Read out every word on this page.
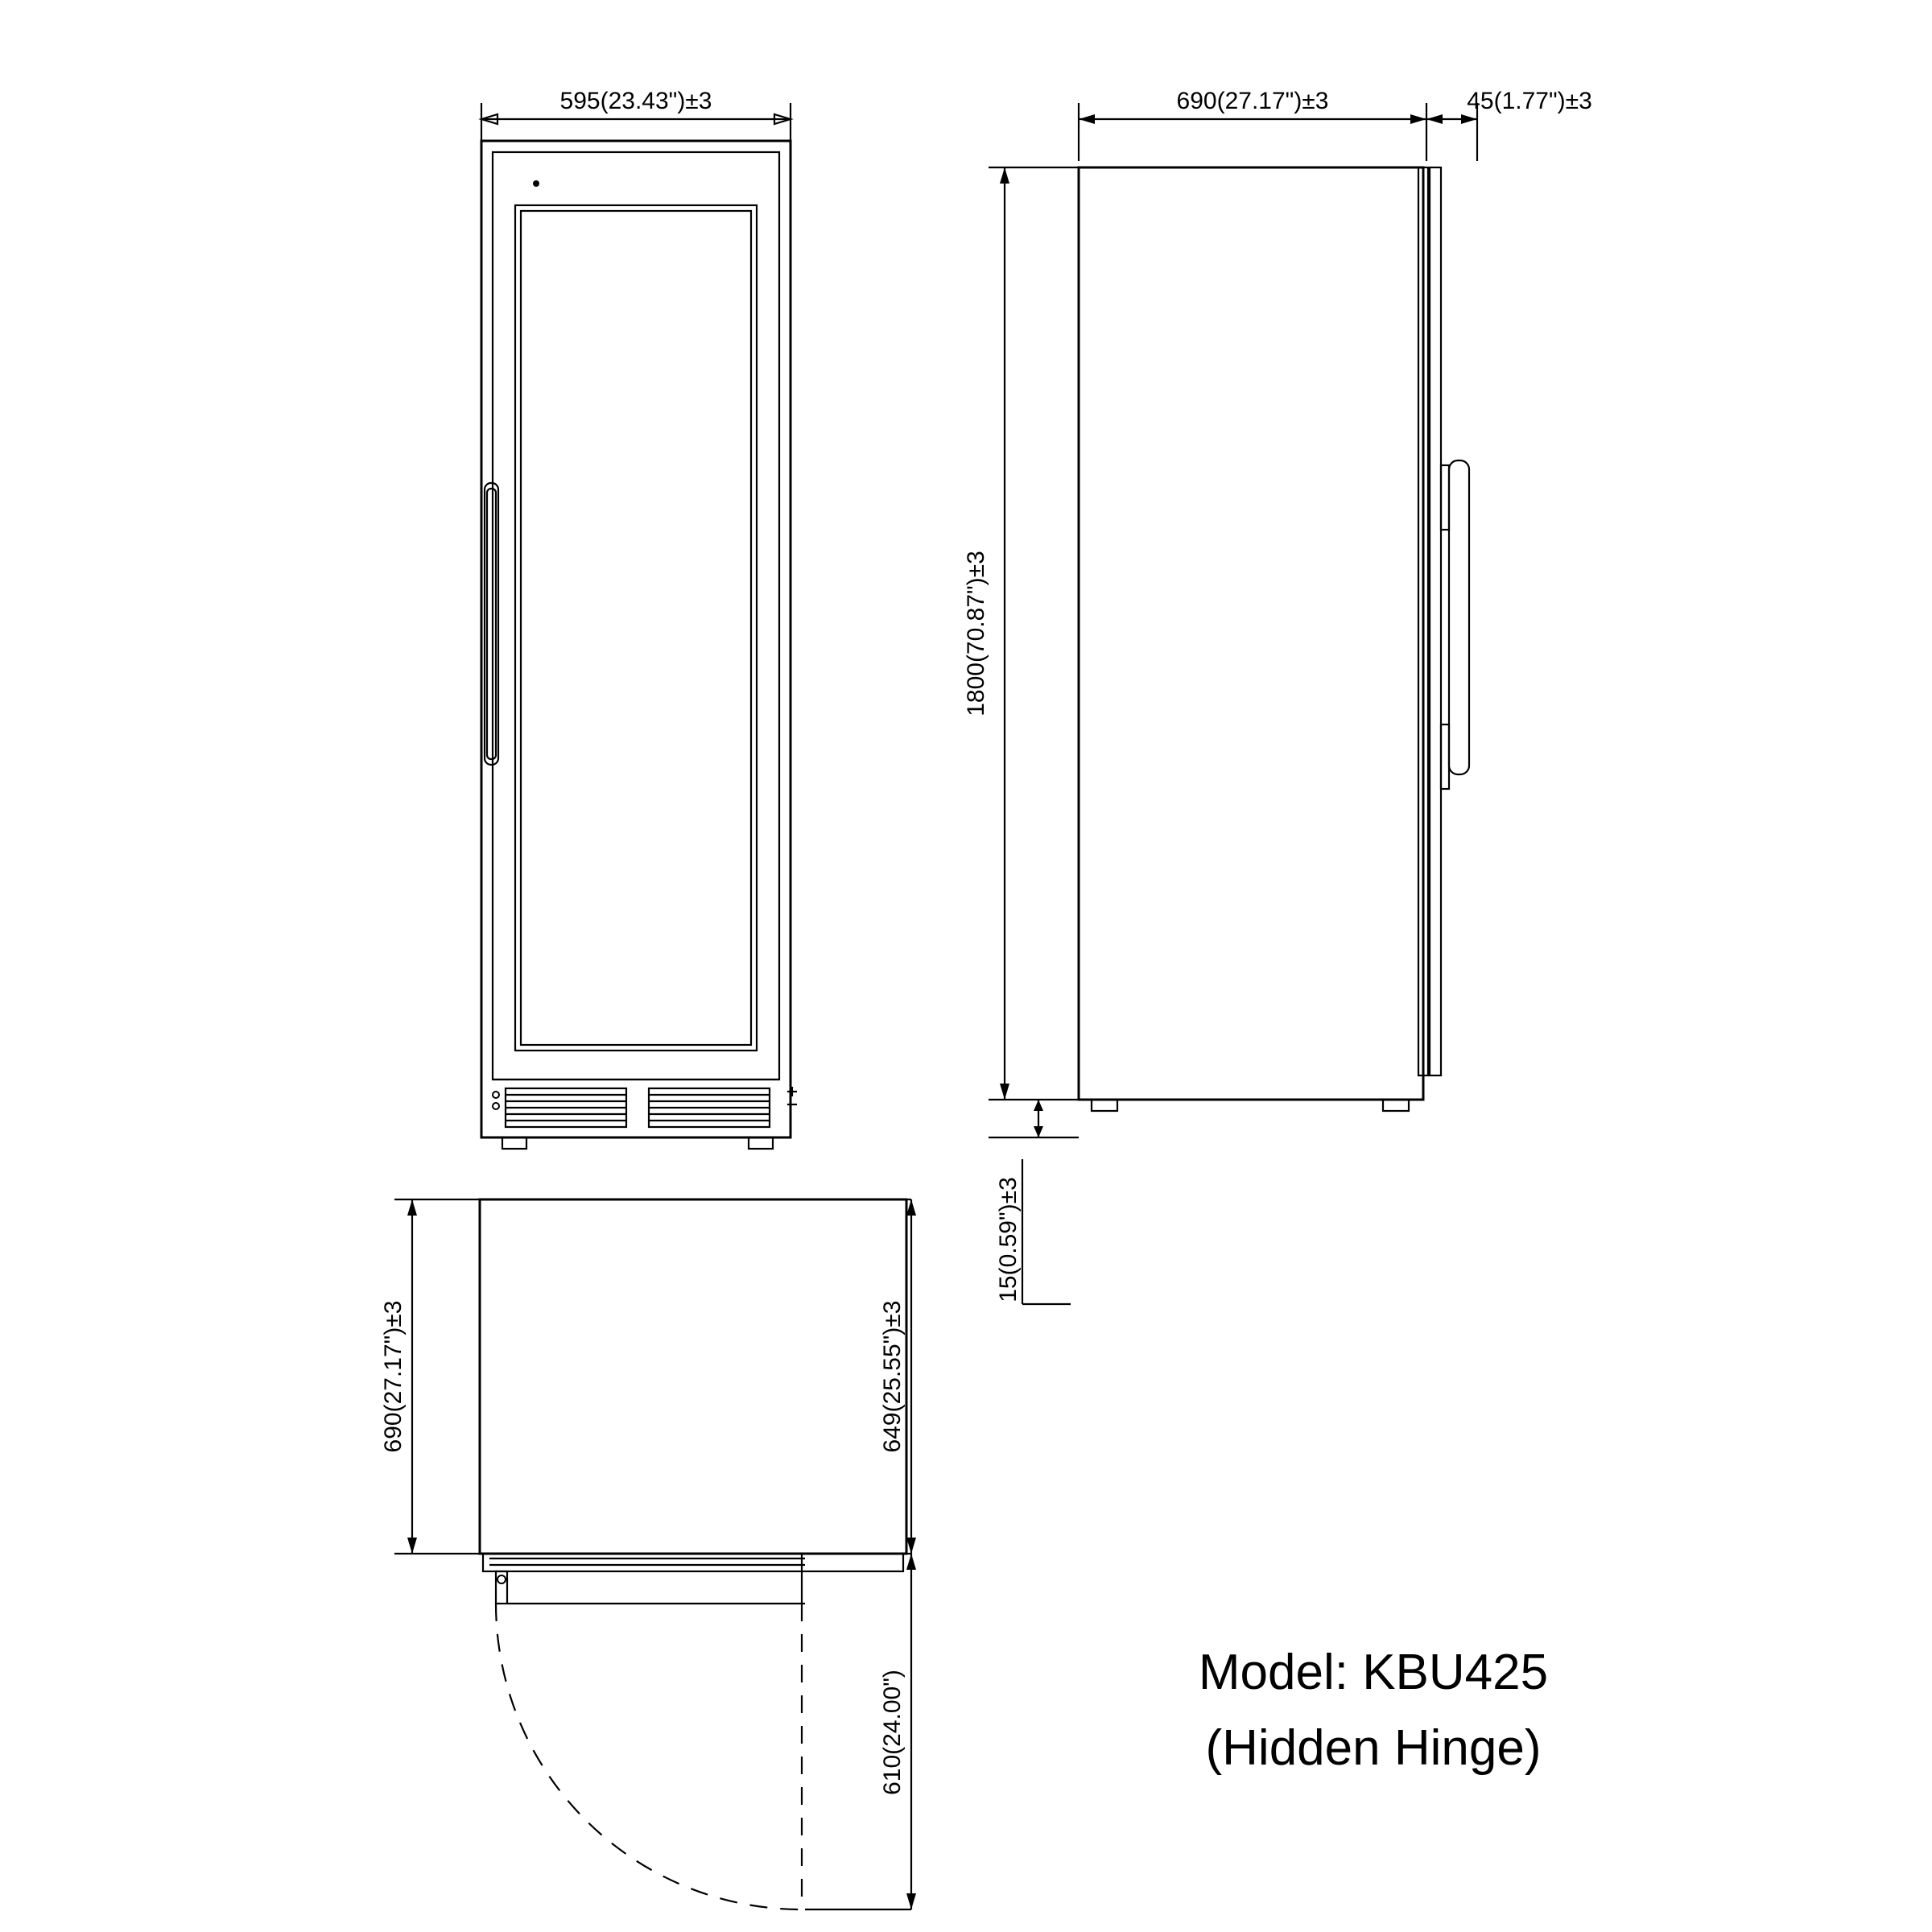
595(23.43")±3	690(27.17")±3	45(1.77")±3
1800(70.87")±3
15(0.59")±3
690(27.17")±3	649(25.55")±3
610(24.00")	Model: KBU425
(Hidden Hinge)
